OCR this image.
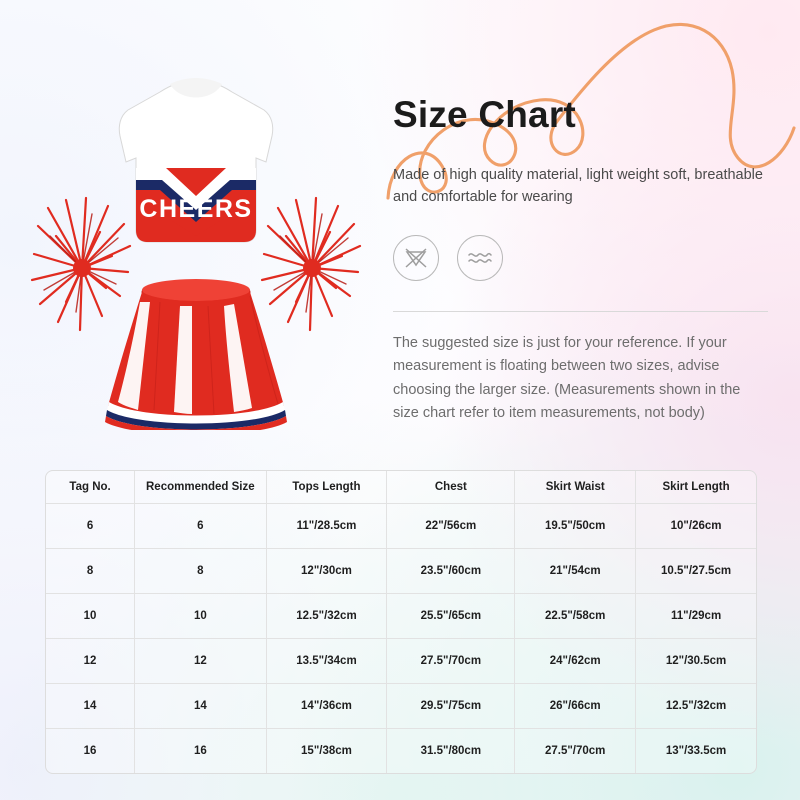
CHEERS
Size Chart

Made of high quality material, light weight soft, breathable and comfortable for wearing

The suggested size is just for your reference. If your measurement is floating between two sizes, advise choosing the larger size. (Measurements shown in the size chart refer to item measurements, not body)

Tag No.	Recommended Size	Tops Length	Chest	Skirt Waist	Skirt Length
6	6	11"/28.5cm	22"/56cm	19.5"/50cm	10"/26cm
8	8	12"/30cm	23.5"/60cm	21"/54cm	10.5"/27.5cm
10	10	12.5"/32cm	25.5"/65cm	22.5"/58cm	11"/29cm
12	12	13.5"/34cm	27.5"/70cm	24"/62cm	12"/30.5cm
14	14	14"/36cm	29.5"/75cm	26"/66cm	12.5"/32cm
16	16	15"/38cm	31.5"/80cm	27.5"/70cm	13"/33.5cm
